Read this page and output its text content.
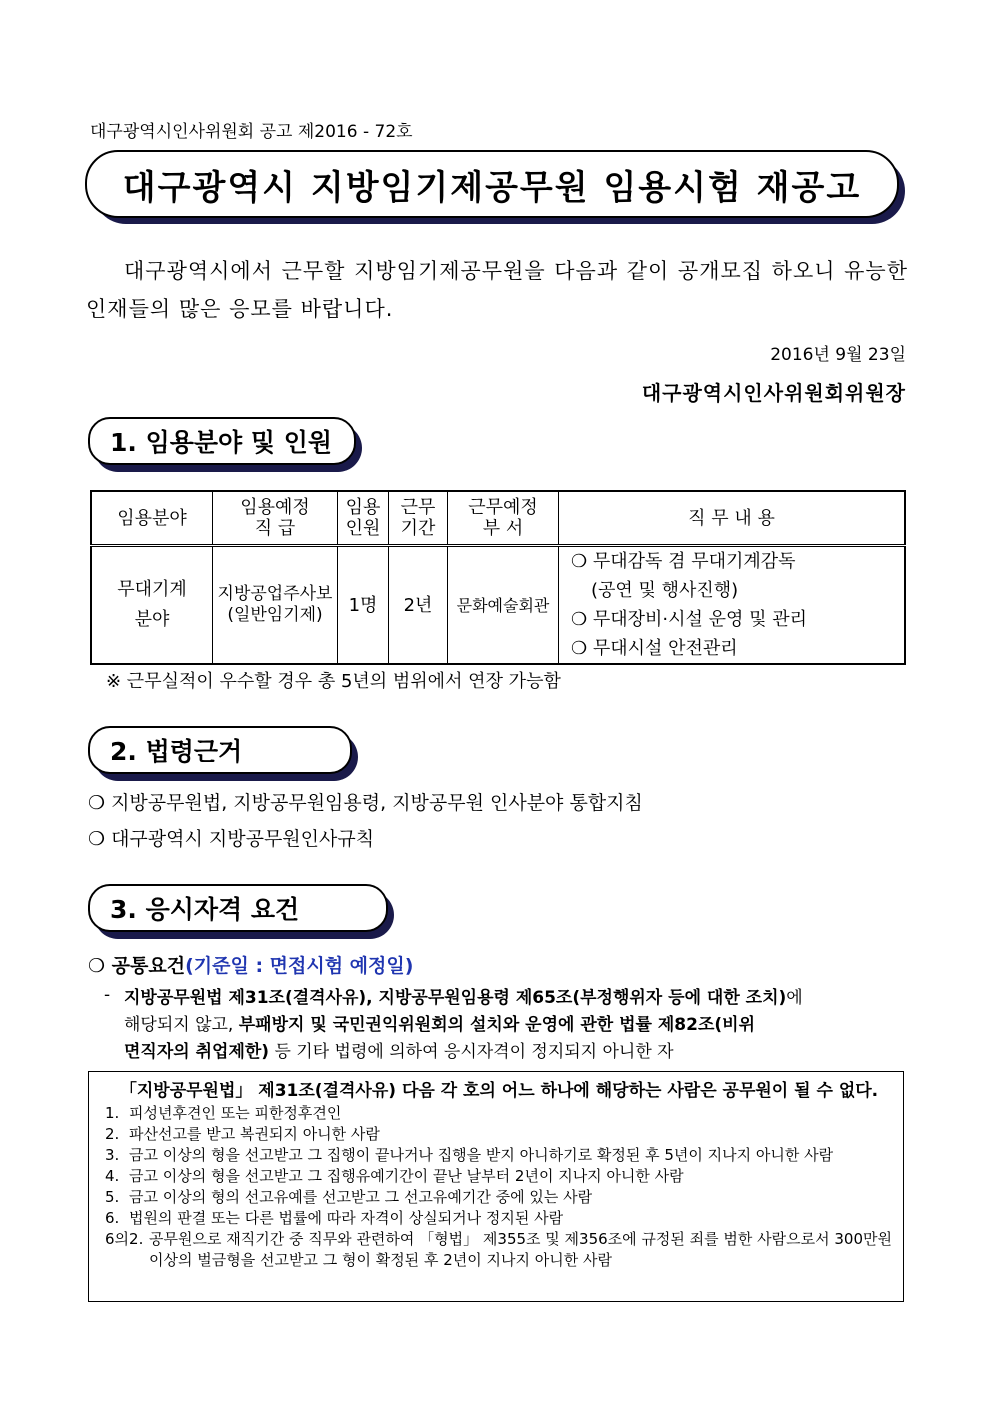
대구광역시인사위원회 공고 제2016 - 72호
대구광역시 지방임기제공무원 임용시험 재공고
대구광역시에서 근무할 지방임기제공무원을 다음과 같이 공개모집 하오니 유능한 인재들의 많은 응모를 바랍니다.
2016년 9월 23일
대구광역시인사위원회위원장
1. 임용분야 및 인원
임용분야	임용예정 직 급	임용 인원	근무 기간	근무예정 부 서	직 무 내 용
무대기계 분야	지방공업주사보 (일반임기제)	1명	2년	문화예술회관	❍ 무대감독 겸 무대기계감독
(공연 및 행사진행)
❍ 무대장비·시설 운영 및 관리
❍ 무대시설 안전관리
※ 근무실적이 우수할 경우 총 5년의 범위에서 연장 가능함
2. 법령근거
❍ 지방공무원법, 지방공무원임용령, 지방공무원 인사분야 통합지침
❍ 대구광역시 지방공무원인사규칙
3. 응시자격 요건
❍ 공통요건(기준일 : 면접시험 예정일)
- 지방공무원법 제31조(결격사유), 지방공무원임용령 제65조(부정행위자 등에 대한 조치)에
해당되지 않고, 부패방지 및 국민권익위원회의 설치와 운영에 관한 법률 제82조(비위
면직자의 취업제한) 등 기타 법령에 의하여 응시자격이 정지되지 아니한 자
「지방공무원법」 제31조(결격사유) 다음 각 호의 어느 하나에 해당하는 사람은 공무원이 될 수 없다.
1. 피성년후견인 또는 피한정후견인
2. 파산선고를 받고 복권되지 아니한 사람
3. 금고 이상의 형을 선고받고 그 집행이 끝나거나 집행을 받지 아니하기로 확정된 후 5년이 지나지 아니한 사람
4. 금고 이상의 형을 선고받고 그 집행유예기간이 끝난 날부터 2년이 지나지 아니한 사람
5. 금고 이상의 형의 선고유예를 선고받고 그 선고유예기간 중에 있는 사람
6. 법원의 판결 또는 다른 법률에 따라 자격이 상실되거나 정지된 사람
6의2. 공무원으로 재직기간 중 직무와 관련하여 「형법」 제355조 및 제356조에 규정된 죄를 범한 사람으로서 300만원 이상의 벌금형을 선고받고 그 형이 확정된 후 2년이 지나지 아니한 사람
